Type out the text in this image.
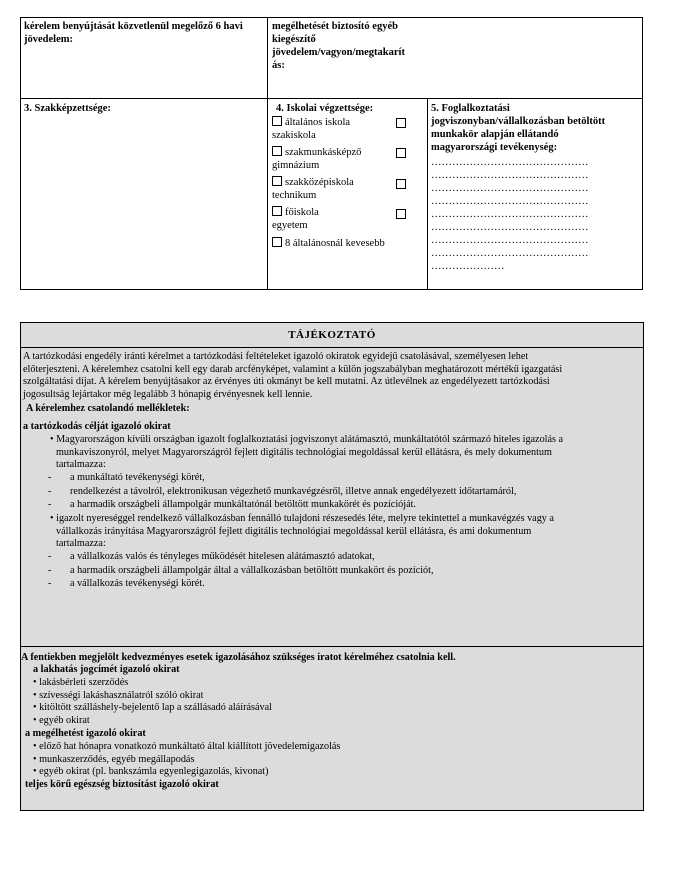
kérelem benyújtását közvetlenül megelőző 6 havi jövedelem:
megélhetését biztosító egyéb
kiegészítő
jövedelem/vagyon/megtakarít
ás:
3. Szakképzettsége:	4. Iskolai végzettsége:
általános iskola
szakiskola
szakmunkásképző
gimnázium
szakközépiskola
technikum
főiskola
egyetem
8 általánosnál kevesebb
5. Foglalkoztatási
jogviszonyban/vállalkozásban betöltött
munkakör alapján ellátandó
magyarországi tevékenység:
………………………………………
………………………………………
………………………………………
………………………………………
………………………………………
………………………………………
………………………………………
………………………………………
…………………
TÁJÉKOZTATÓ
A tartózkodási engedély iránti kérelmet a tartózkodási feltételeket igazoló okiratok egyidejű csatolásával, személyesen lehet
előterjeszteni. A kérelemhez csatolni kell egy darab arcfényképet, valamint a külön jogszabályban meghatározott mértékű igazgatási
szolgáltatási díjat. A kérelem benyújtásakor az érvényes úti okmányt be kell mutatni. Az útlevélnek az engedélyezett tartózkodási
jogosultság lejártakor még legalább 3 hónapig érvényesnek kell lennie.
A kérelemhez csatolandó mellékletek:
a tartózkodás célját igazoló okirat
• Magyarországon kívüli országban igazolt foglalkoztatási jogviszonyt alátámasztó, munkáltatótól származó hiteles igazolás a
munkaviszonyról, melyet Magyarországról fejlett digitális technológiai megoldással kerül ellátásra, és mely dokumentum
tartalmazza:
- a munkáltató tevékenységi körét,
- rendelkezést a távolról, elektronikusan végezhető munkavégzésről, illetve annak engedélyezett időtartamáról,
- a harmadik országbeli állampolgár munkáltatónál betöltött munkakörét és pozícióját.
• igazolt nyereséggel rendelkező vállalkozásban fennálló tulajdoni részesedés léte, melyre tekintettel a munkavégzés vagy a
vállalkozás irányítása Magyarországról fejlett digitális technológiai megoldással kerül ellátásra, és ami dokumentum
tartalmazza:
- a vállalkozás valós és tényleges működését hitelesen alátámasztó adatokat,
- a harmadik országbeli állampolgár által a vállalkozásban betöltött munkakört és pozíciót,
- a vállalkozás tevékenységi körét.
A fentiekben megjelölt kedvezményes esetek igazolásához szükséges iratot kérelméhez csatolnia kell.
a lakhatás jogcímét igazoló okirat
• lakásbérleti szerződés
• szívességi lakáshasználatról szóló okirat
• kitöltött szálláshely-bejelentő lap a szállásadó aláírásával
• egyéb okirat
a megélhetést igazoló okirat
• előző hat hónapra vonatkozó munkáltató által kiállított jövedelemigazolás
• munkaszerződés, egyéb megállapodás
• egyéb okirat (pl. bankszámla egyenlegigazolás, kivonat)
teljes körű egészség biztosítást igazoló okirat
